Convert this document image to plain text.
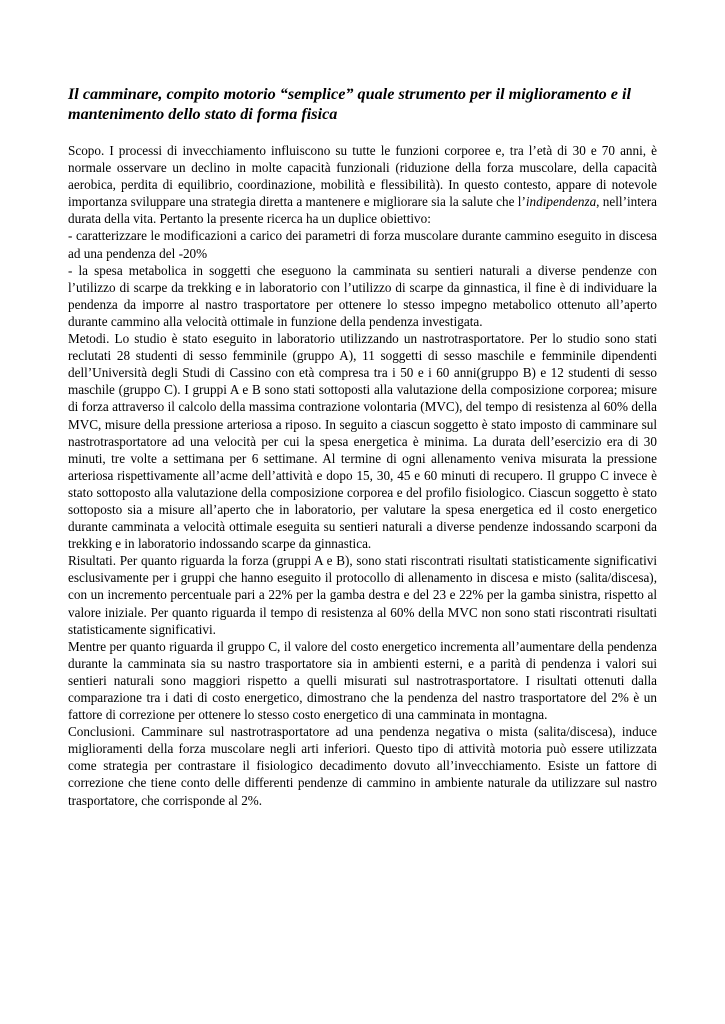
Il camminare, compito motorio “semplice” quale strumento per il miglioramento e il mantenimento dello stato di forma fisica

Scopo. I processi di invecchiamento influiscono su tutte le funzioni corporee e, tra l’età di 30 e 70 anni, è normale osservare un declino in molte capacità funzionali (riduzione della forza muscolare, della capacità aerobica, perdita di equilibrio, coordinazione, mobilità e flessibilità). In questo contesto, appare di notevole importanza sviluppare una strategia diretta a mantenere e migliorare sia la salute che l’indipendenza, nell’intera durata della vita. Pertanto la presente ricerca ha un duplice obiettivo:

- caratterizzare le modificazioni a carico dei parametri di forza muscolare durante cammino eseguito in discesa ad una pendenza del -20%

- la spesa metabolica in soggetti che eseguono la camminata su sentieri naturali a diverse pendenze con l’utilizzo di scarpe da trekking e in laboratorio con l’utilizzo di scarpe da ginnastica, il fine è di individuare la pendenza da imporre al nastro trasportatore per ottenere lo stesso impegno metabolico ottenuto all’aperto durante cammino alla velocità ottimale in funzione della pendenza investigata.

Metodi. Lo studio è stato eseguito in laboratorio utilizzando un nastrotrasportatore. Per lo studio sono stati reclutati 28 studenti di sesso femminile (gruppo A), 11 soggetti di sesso maschile e femminile dipendenti dell’Università degli Studi di Cassino con età compresa tra i 50 e i 60 anni(gruppo B) e 12 studenti di sesso maschile (gruppo C). I gruppi A e B sono stati sottoposti alla valutazione della composizione corporea; misure di forza attraverso il calcolo della massima contrazione volontaria (MVC), del tempo di resistenza al 60% della MVC, misure della pressione arteriosa a riposo. In seguito a ciascun soggetto è stato imposto di camminare sul nastrotrasportatore ad una velocità per cui la spesa energetica è minima. La durata dell’esercizio era di 30 minuti, tre volte a settimana per 6 settimane. Al termine di ogni allenamento veniva misurata la pressione arteriosa rispettivamente all’acme dell’attività e dopo 15, 30, 45 e 60 minuti di recupero. Il gruppo C invece è stato sottoposto alla valutazione della composizione corporea e del profilo fisiologico. Ciascun soggetto è stato sottoposto sia a misure all’aperto che in laboratorio, per valutare la spesa energetica ed il costo energetico durante camminata a velocità ottimale eseguita su sentieri naturali a diverse pendenze indossando scarponi da trekking e in laboratorio indossando scarpe da ginnastica.

Risultati. Per quanto riguarda la forza (gruppi A e B), sono stati riscontrati risultati statisticamente significativi esclusivamente per i gruppi che hanno eseguito il protocollo di allenamento in discesa e misto (salita/discesa), con un incremento percentuale pari a 22% per la gamba destra e del 23 e 22% per la gamba sinistra, rispetto al valore iniziale. Per quanto riguarda il tempo di resistenza al 60% della MVC non sono stati riscontrati risultati statisticamente significativi.

Mentre per quanto riguarda il gruppo C, il valore del costo energetico incrementa all’aumentare della pendenza durante la camminata sia su nastro trasportatore sia in ambienti esterni, e a parità di pendenza i valori sui sentieri naturali sono maggiori rispetto a quelli misurati sul nastrotrasportatore. I risultati ottenuti dalla comparazione tra i dati di costo energetico, dimostrano che la pendenza del nastro trasportatore del 2% è un fattore di correzione per ottenere lo stesso costo energetico di una camminata in montagna.

Conclusioni. Camminare sul nastrotrasportatore ad una pendenza negativa o mista (salita/discesa), induce miglioramenti della forza muscolare negli arti inferiori. Questo tipo di attività motoria può essere utilizzata come strategia per contrastare il fisiologico decadimento dovuto all’invecchiamento. Esiste un fattore di correzione che tiene conto delle differenti pendenze di cammino in ambiente naturale da utilizzare sul nastro trasportatore, che corrisponde al 2%.
